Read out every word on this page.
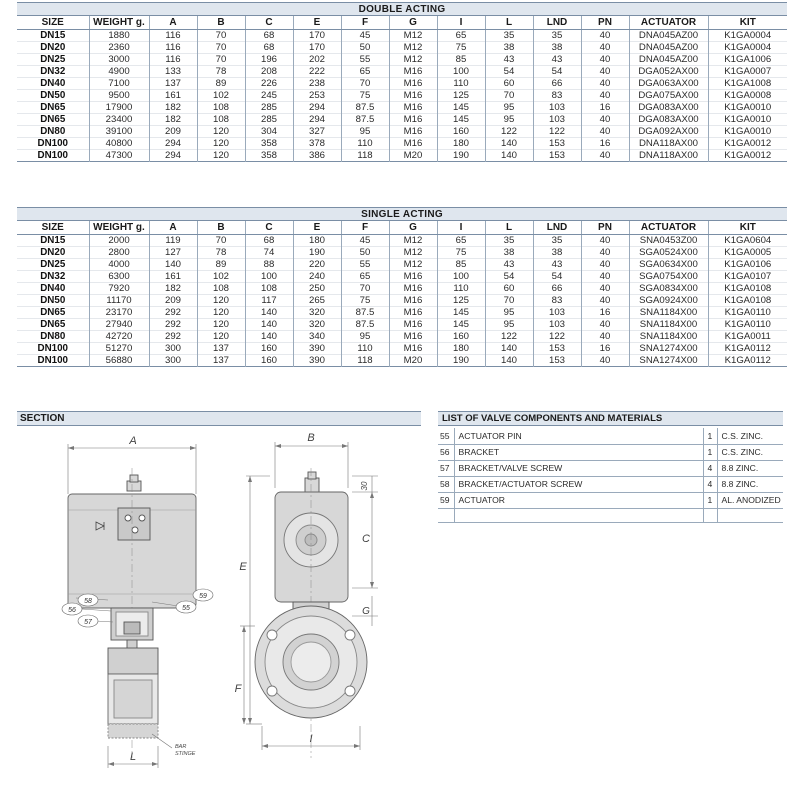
DOUBLE ACTING													
SIZE	WEIGHT g.	A	B	C	E	F	G	I	L	LND	PN	ACTUATOR	KIT
DN15	1880	116	70	68	170	45	M12	65	35	35	40	DNA045AZ00	K1GA0004
DN20	2360	116	70	68	170	50	M12	75	38	38	40	DNA045AZ00	K1GA0004
DN25	3000	116	70	196	202	55	M12	85	43	43	40	DNA045AZ00	K1GA1006
DN32	4900	133	78	208	222	65	M16	100	54	54	40	DGA052AX00	K1GA0007
DN40	7100	137	89	226	238	70	M16	110	60	66	40	DGA063AX00	K1GA1008
DN50	9500	161	102	245	253	75	M16	125	70	83	40	DGA075AX00	K1GA0008
DN65	17900	182	108	285	294	87.5	M16	145	95	103	16	DGA083AX00	K1GA0010
DN65	23400	182	108	285	294	87.5	M16	145	95	103	40	DGA083AX00	K1GA0010
DN80	39100	209	120	304	327	95	M16	160	122	122	40	DGA092AX00	K1GA0010
DN100	40800	294	120	358	378	110	M16	180	140	153	16	DNA118AX00	K1GA0012
DN100	47300	294	120	358	386	118	M20	190	140	153	40	DNA118AX00	K1GA0012
SINGLE ACTING													
SIZE	WEIGHT g.	A	B	C	E	F	G	I	L	LND	PN	ACTUATOR	KIT
DN15	2000	119	70	68	180	45	M12	65	35	35	40	SNA0453Z00	K1GA0604
DN20	2800	127	78	74	190	50	M12	75	38	38	40	SGA0524X00	K1GA0005
DN25	4000	140	89	88	220	55	M12	85	43	43	40	SGA0634X00	K1GA0106
DN32	6300	161	102	100	240	65	M16	100	54	54	40	SGA0754X00	K1GA0107
DN40	7920	182	108	108	250	70	M16	110	60	66	40	SGA0834X00	K1GA0108
DN50	11170	209	120	117	265	75	M16	125	70	83	40	SGA0924X00	K1GA0108
DN65	23170	292	120	140	320	87.5	M16	145	95	103	16	SNA1184X00	K1GA0110
DN65	27940	292	120	140	320	87.5	M16	145	95	103	40	SNA1184X00	K1GA0110
DN80	42720	292	120	140	340	95	M16	160	122	122	40	SNA1184X00	K1GA0011
DN100	51270	300	137	160	390	110	M16	180	140	153	16	SNA1274X00	K1GA0112
DN100	56880	300	137	160	390	118	M20	190	140	153	40	SNA1274X00	K1GA0112
SECTION	LIST OF VALVE COMPONENTS AND MATERIALS
55	ACTUATOR PIN	1	C.S. ZINC.
56	BRACKET	1	C.S. ZINC.
57	BRACKET/VALVE SCREW	4	8.8 ZINC.
58	BRACKET/ACTUATOR SCREW	4	8.8 ZINC.
59	ACTUATOR	1	AL. ANODIZED

A
L
BAR
STINGE
58
56
57
55
59
B
E
F
30
C
G
I
